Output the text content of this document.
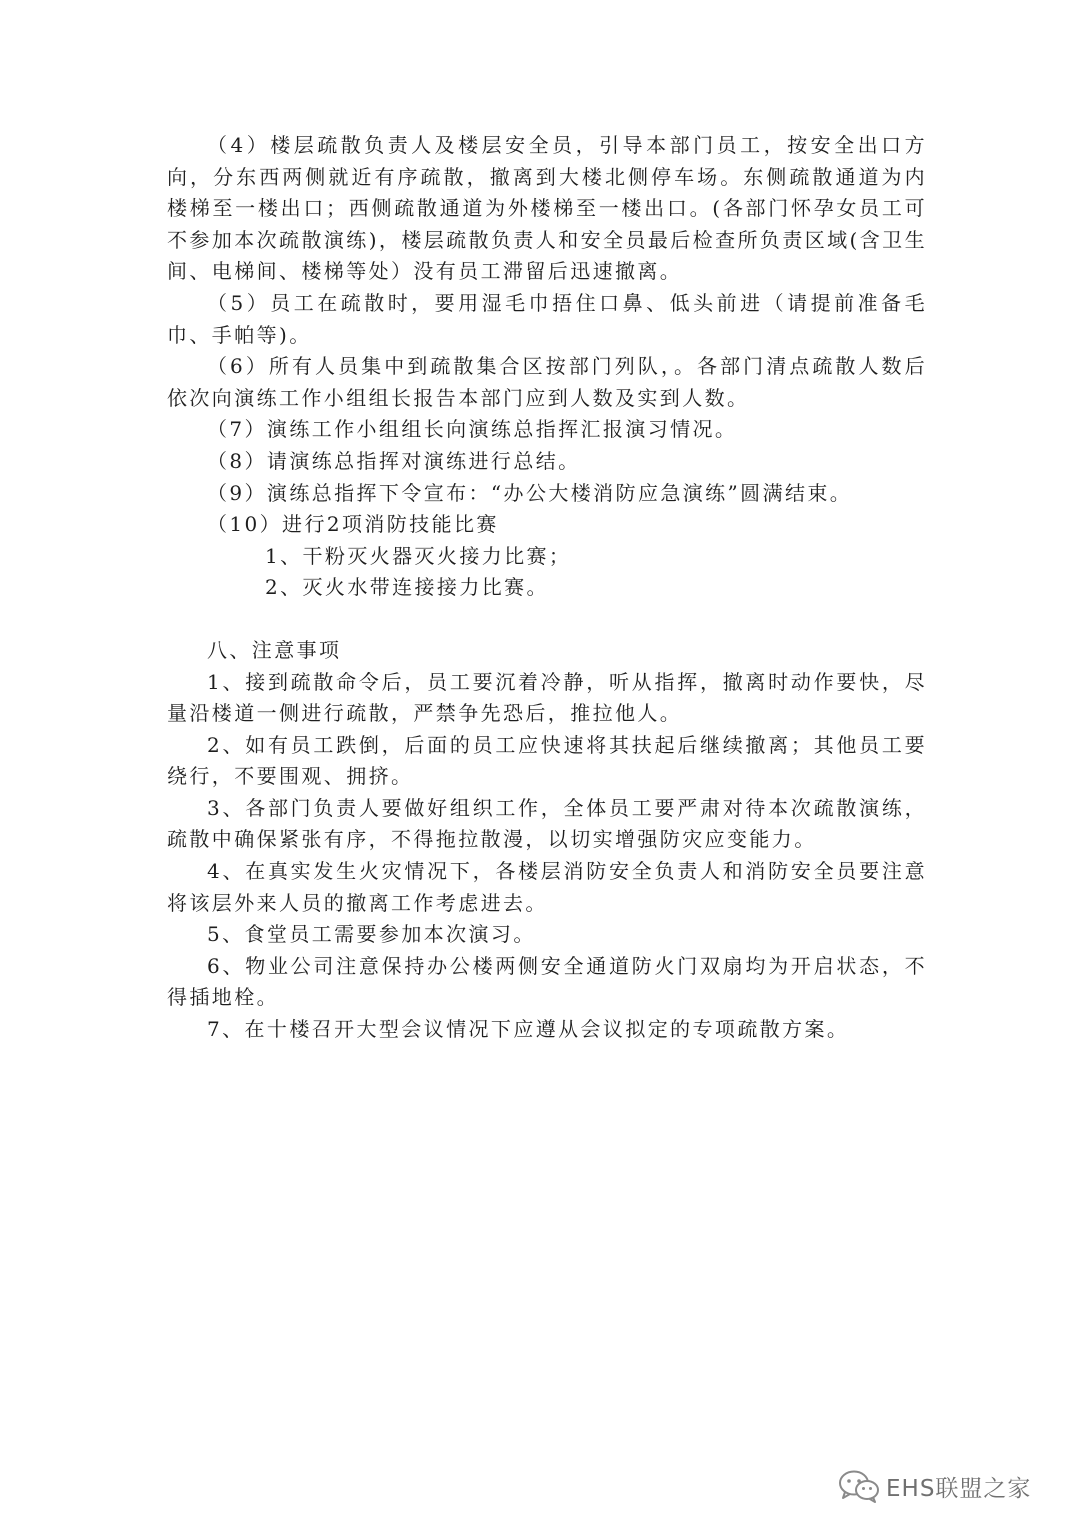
（4）楼层疏散负责人及楼层安全员，引导本部门员工，按安全出口方向，分东西两侧就近有序疏散，撤离到大楼北侧停车场。东侧疏散通道为内楼梯至一楼出口；西侧疏散通道为外楼梯至一楼出口。(各部门怀孕女员工可不参加本次疏散演练)，楼层疏散负责人和安全员最后检查所负责区域(含卫生间、电梯间、楼梯等处）没有员工滞留后迅速撤离。

（5）员工在疏散时，要用湿毛巾捂住口鼻、低头前进（请提前准备毛巾、手帕等)。

（6）所有人员集中到疏散集合区按部门列队，。各部门清点疏散人数后依次向演练工作小组组长报告本部门应到人数及实到人数。

（7）演练工作小组组长向演练总指挥汇报演习情况。

（8）请演练总指挥对演练进行总结。

（9）演练总指挥下令宣布：“办公大楼消防应急演练”圆满结束。

（10）进行2项消防技能比赛

1、干粉灭火器灭火接力比赛；

2、灭火水带连接接力比赛。

八、注意事项

1、接到疏散命令后，员工要沉着冷静，听从指挥，撤离时动作要快，尽量沿楼道一侧进行疏散，严禁争先恐后，推拉他人。

2、如有员工跌倒，后面的员工应快速将其扶起后继续撤离；其他员工要绕行，不要围观、拥挤。

3、各部门负责人要做好组织工作，全体员工要严肃对待本次疏散演练，疏散中确保紧张有序，不得拖拉散漫，以切实增强防灾应变能力。

4、在真实发生火灾情况下，各楼层消防安全负责人和消防安全员要注意将该层外来人员的撤离工作考虑进去。

5、食堂员工需要参加本次演习。

6、物业公司注意保持办公楼两侧安全通道防火门双扇均为开启状态，不得插地栓。

7、在十楼召开大型会议情况下应遵从会议拟定的专项疏散方案。

EHS联盟之家
